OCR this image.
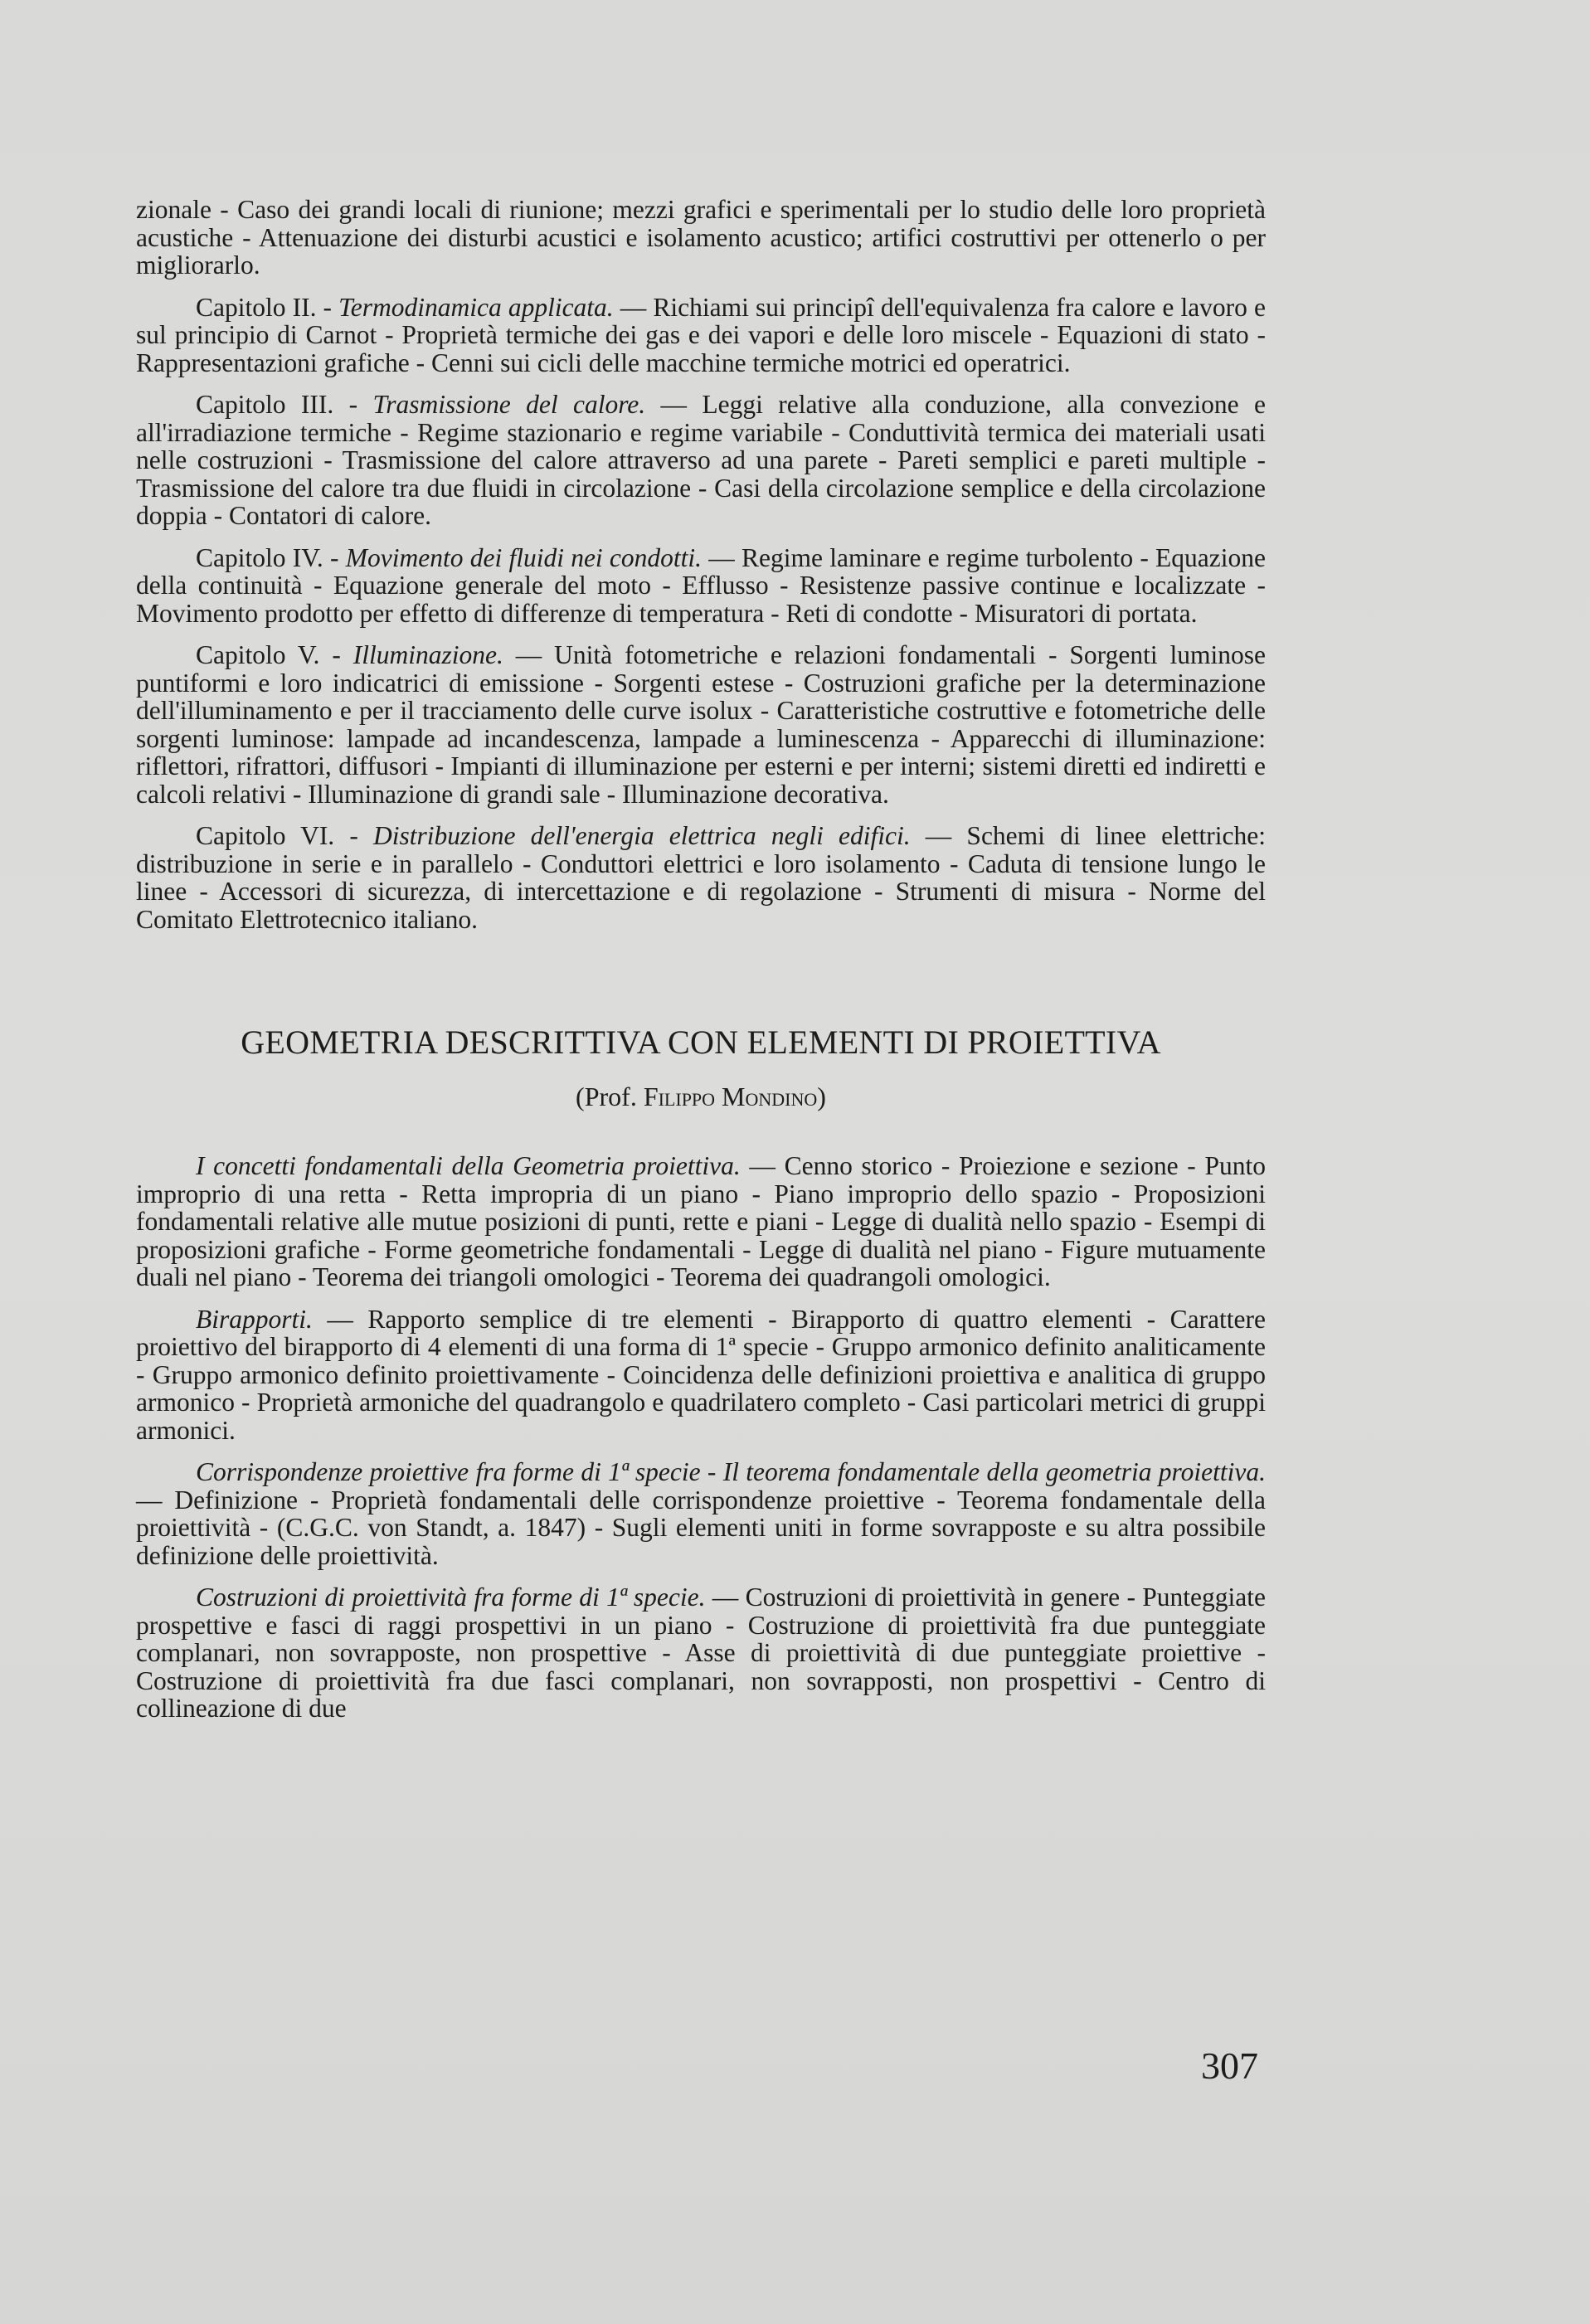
zionale - Caso dei grandi locali di riunione; mezzi grafici e sperimentali per lo studio delle loro proprietà acustiche - Attenuazione dei disturbi acustici e isolamento acustico; artifici costruttivi per ottenerlo o per migliorarlo.

Capitolo II. - Termodinamica applicata. — Richiami sui principî dell'equivalenza fra calore e lavoro e sul principio di Carnot - Proprietà termiche dei gas e dei vapori e delle loro miscele - Equazioni di stato - Rappresentazioni grafiche - Cenni sui cicli delle macchine termiche motrici ed operatrici.

Capitolo III. - Trasmissione del calore. — Leggi relative alla conduzione, alla convezione e all'irradiazione termiche - Regime stazionario e regime variabile - Conduttività termica dei materiali usati nelle costruzioni - Trasmissione del calore attraverso ad una parete - Pareti semplici e pareti multiple - Trasmissione del calore tra due fluidi in circolazione - Casi della circolazione semplice e della circolazione doppia - Contatori di calore.

Capitolo IV. - Movimento dei fluidi nei condotti. — Regime laminare e regime turbolento - Equazione della continuità - Equazione generale del moto - Efflusso - Resistenze passive continue e localizzate - Movimento prodotto per effetto di differenze di temperatura - Reti di condotte - Misuratori di portata.

Capitolo V. - Illuminazione. — Unità fotometriche e relazioni fondamentali - Sorgenti luminose puntiformi e loro indicatrici di emissione - Sorgenti estese - Costruzioni grafiche per la determinazione dell'illuminamento e per il tracciamento delle curve isolux - Caratteristiche costruttive e fotometriche delle sorgenti luminose: lampade ad incandescenza, lampade a luminescenza - Apparecchi di illuminazione: riflettori, rifrattori, diffusori - Impianti di illuminazione per esterni e per interni; sistemi diretti ed indiretti e calcoli relativi - Illuminazione di grandi sale - Illuminazione decorativa.

Capitolo VI. - Distribuzione dell'energia elettrica negli edifici. — Schemi di linee elettriche: distribuzione in serie e in parallelo - Conduttori elettrici e loro isolamento - Caduta di tensione lungo le linee - Accessori di sicurezza, di intercettazione e di regolazione - Strumenti di misura - Norme del Comitato Elettrotecnico italiano.

GEOMETRIA DESCRITTIVA CON ELEMENTI DI PROIETTIVA
(Prof. Filippo Mondino)

I concetti fondamentali della Geometria proiettiva. — Cenno storico - Proiezione e sezione - Punto improprio di una retta - Retta impropria di un piano - Piano improprio dello spazio - Proposizioni fondamentali relative alle mutue posizioni di punti, rette e piani - Legge di dualità nello spazio - Esempi di proposizioni grafiche - Forme geometriche fondamentali - Legge di dualità nel piano - Figure mutuamente duali nel piano - Teorema dei triangoli omologici - Teorema dei quadrangoli omologici.

Birapporti. — Rapporto semplice di tre elementi - Birapporto di quattro elementi - Carattere proiettivo del birapporto di 4 elementi di una forma di 1ª specie - Gruppo armonico definito analiticamente - Gruppo armonico definito proiettivamente - Coincidenza delle definizioni proiettiva e analitica di gruppo armonico - Proprietà armoniche del quadrangolo e quadrilatero completo - Casi particolari metrici di gruppi armonici.

Corrispondenze proiettive fra forme di 1ª specie - Il teorema fondamentale della geometria proiettiva. — Definizione - Proprietà fondamentali delle corrispondenze proiettive - Teorema fondamentale della proiettività - (C.G.C. von Standt, a. 1847) - Sugli elementi uniti in forme sovrapposte e su altra possibile definizione delle proiettività.

Costruzioni di proiettività fra forme di 1ª specie. — Costruzioni di proiettività in genere - Punteggiate prospettive e fasci di raggi prospettivi in un piano - Costruzione di proiettività fra due punteggiate complanari, non sovrapposte, non prospettive - Asse di proiettività di due punteggiate proiettive - Costruzione di proiettività fra due fasci complanari, non sovrapposti, non prospettivi - Centro di collineazione di due

307
